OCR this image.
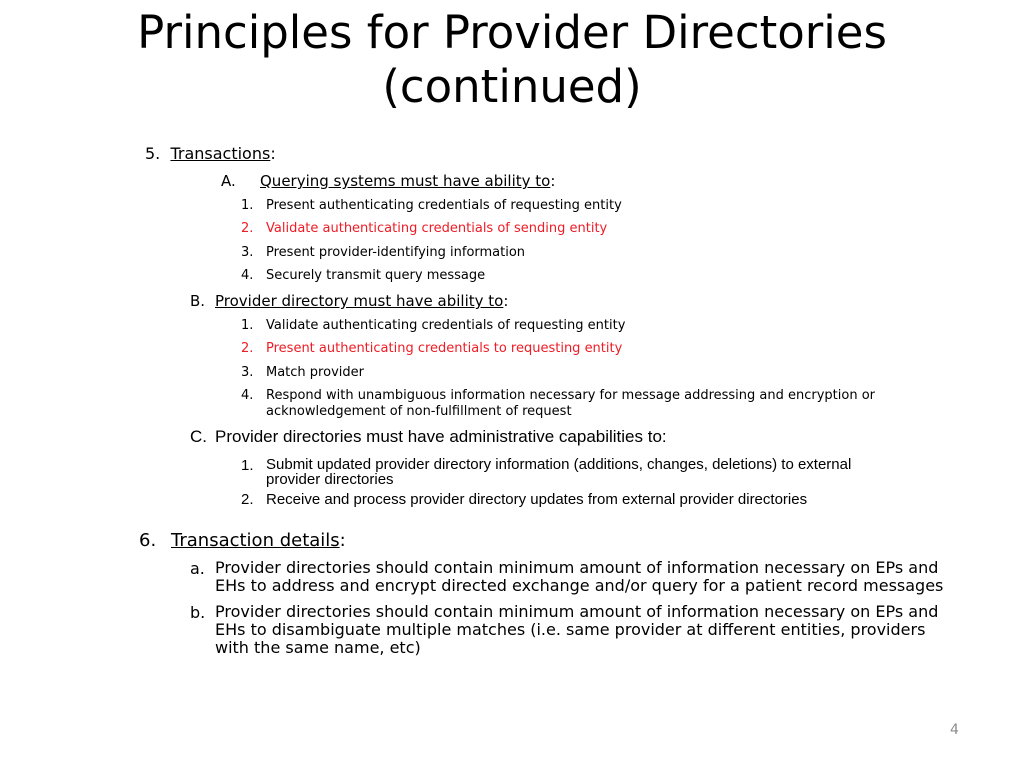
Principles for Provider Directories
(continued)
5. Transactions:
A. Querying systems must have ability to:
1. Present authenticating credentials of requesting entity
2. Validate authenticating credentials of sending entity
3. Present provider-identifying information
4. Securely transmit query message
B. Provider directory must have ability to:
1. Validate authenticating credentials of requesting entity
2. Present authenticating credentials to requesting entity
3. Match provider
4. Respond with unambiguous information necessary for message addressing and encryption or acknowledgement of non-fulfillment of request
C. Provider directories must have administrative capabilities to:
1. Submit updated provider directory information (additions, changes, deletions) to external provider directories
2. Receive and process provider directory updates from external provider directories
6. Transaction details:
a. Provider directories should contain minimum amount of information necessary on EPs and EHs to address and encrypt directed exchange and/or query for a patient record messages
b. Provider directories should contain minimum amount of information necessary on EPs and EHs to disambiguate multiple matches (i.e. same provider at different entities, providers with the same name, etc)
4
